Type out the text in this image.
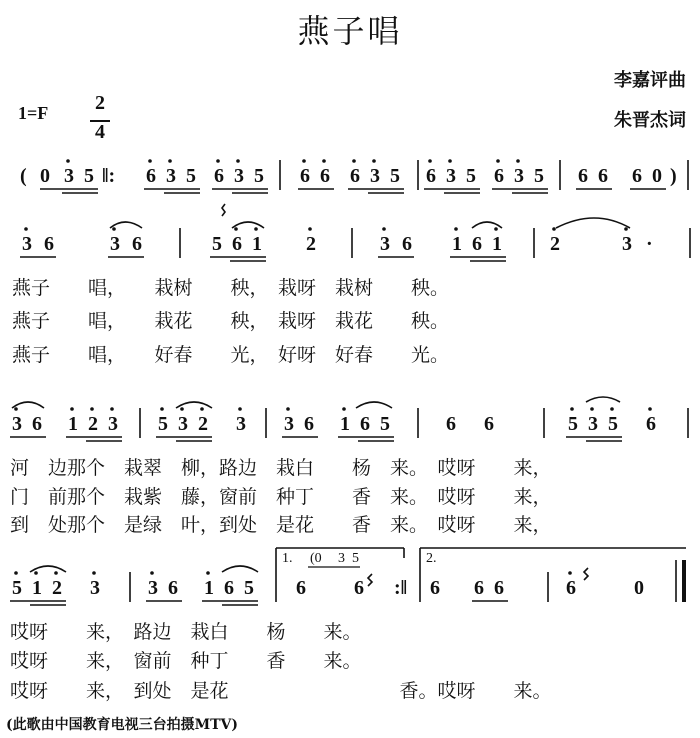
燕子唱
李嘉评曲
朱晋杰词
1=F 2
4
( 0 3 5 ‖: 6 3 5 6 3 5 6 6 6 3 5 6 3 5 6 3 5 6 6 6 0 )
3 6	3 6	5 6 1 2	3 6 1 6 1 2	3 ·
3 6 1 2 3 5 3 2 3 3 6 1 6 5	6 6	5 3 5 6
5 1 2 3 3 6 1 6 5 6 6 :‖ 6 6 6	6	0
1. (0 3 5	2.
燕子　　唱，　　栽树　　秧，　栽呀　栽树　　秧。
燕子　　唱，　　栽花　　秧，　栽呀　栽花　　秧。
燕子　　唱，　　好春　　光，　好呀　好春　　光。
河　边那个　栽翠　柳，路边　栽白　　杨　来。　哎呀　　来，
门　前那个　栽紫　藤，窗前　种丁　　香　来。　哎呀　　来，
到　处那个　是绿　叶，到处　是花　　香　来。　哎呀　　来，
哎呀　　来，　路边　栽白　　杨　　来。
哎呀　　来，　窗前　种丁　　香　　来。
哎呀　　来，　到处　是花　　　　　　　　　香。哎呀　　来。
(此歌由中国教育电视三台拍摄MTV)
